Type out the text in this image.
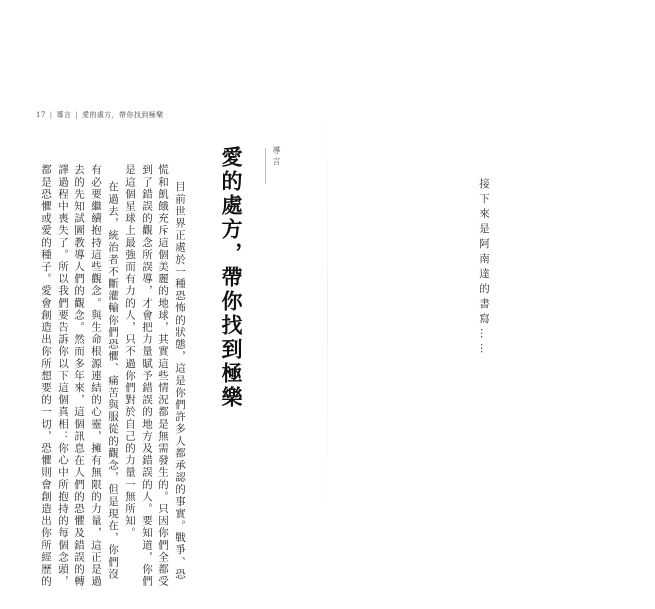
17 | 導言 | 愛的處方，帶你找到極樂
目前世界正處於一種恐怖的狀態，這是你們許多人都承認的事實。戰爭、恐
慌和飢餓充斥這個美麗的地球，其實這些情況都是無需發生的。只因你們全都受
到了錯誤的觀念所誤導，才會把力量賦予錯誤的地方及錯誤的人。要知道，你們
是這個星球上最強而有力的人，只不過你們對於自己的力量一無所知。
在過去，統治者不斷灌輸你們恐懼、痛苦與服從的觀念，但是現在，你們沒
有必要繼續抱持這些觀念。與生命根源連結的心靈，擁有無限的力量，這正是過
去的先知試圖教導人們的觀念。然而多年來，這個訊息在人們的恐懼及錯誤的轉
譯過程中喪失了。所以我們要告訴你以下這個真相：你心中所抱持的每個念頭，
都是恐懼或愛的種子。愛會創造出你所想要的一切，恐懼則會創造出你所經歷的	愛的處方，帶你找到極樂	導言
接下來是阿南達的書寫……
